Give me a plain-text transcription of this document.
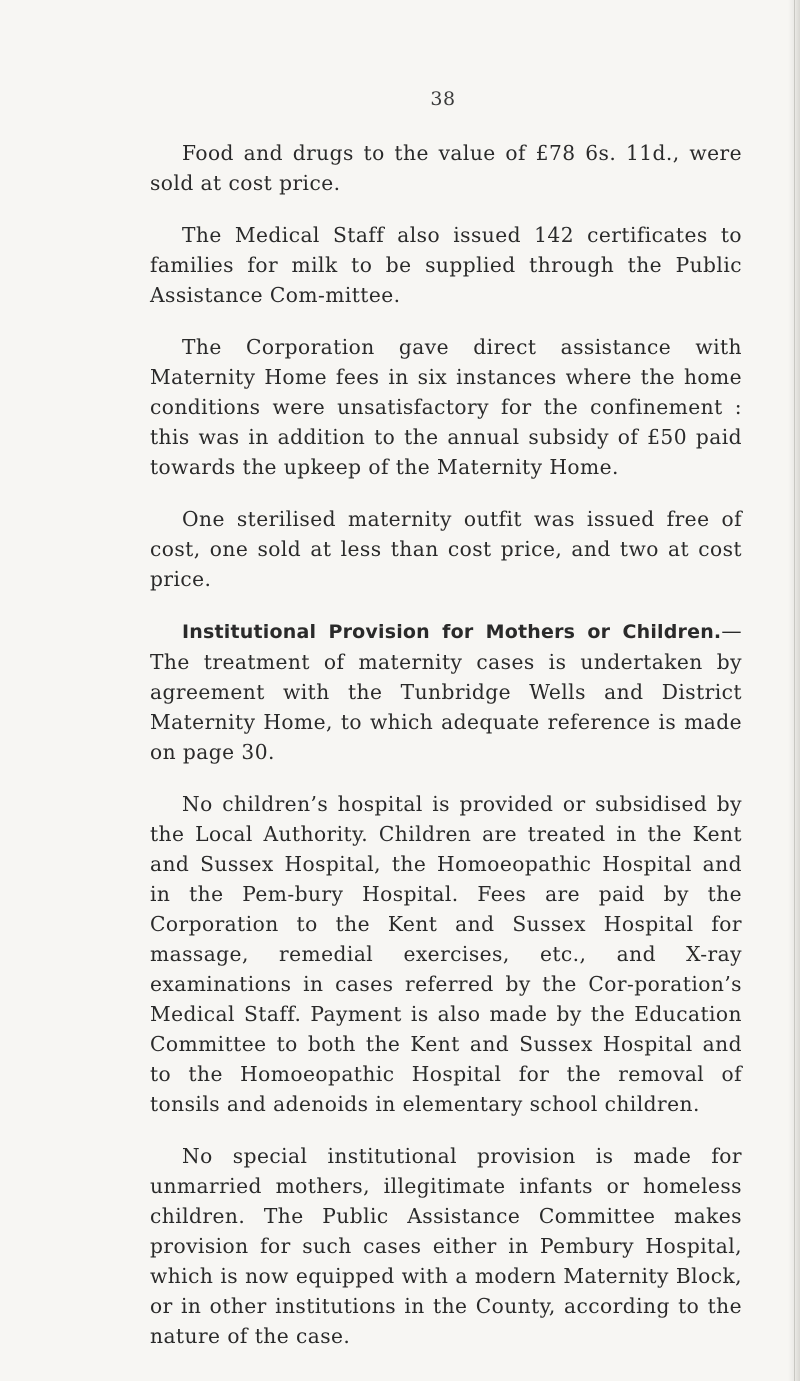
38

Food and drugs to the value of £78 6s. 11d., were sold at cost price.

The Medical Staff also issued 142 certificates to families for milk to be supplied through the Public Assistance Com-mittee.

The Corporation gave direct assistance with Maternity Home fees in six instances where the home conditions were unsatisfactory for the confinement : this was in addition to the annual subsidy of £50 paid towards the upkeep of the Maternity Home.

One sterilised maternity outfit was issued free of cost, one sold at less than cost price, and two at cost price.

Institutional Provision for Mothers or Children.—The treatment of maternity cases is undertaken by agreement with the Tunbridge Wells and District Maternity Home, to which adequate reference is made on page 30.

No children’s hospital is provided or subsidised by the Local Authority. Children are treated in the Kent and Sussex Hospital, the Homoeopathic Hospital and in the Pem-bury Hospital. Fees are paid by the Corporation to the Kent and Sussex Hospital for massage, remedial exercises, etc., and X-ray examinations in cases referred by the Cor-poration’s Medical Staff. Payment is also made by the Education Committee to both the Kent and Sussex Hospital and to the Homoeopathic Hospital for the removal of tonsils and adenoids in elementary school children.

No special institutional provision is made for unmarried mothers, illegitimate infants or homeless children. The Public Assistance Committee makes provision for such cases either in Pembury Hospital, which is now equipped with a modern Maternity Block, or in other institutions in the County, according to the nature of the case.
